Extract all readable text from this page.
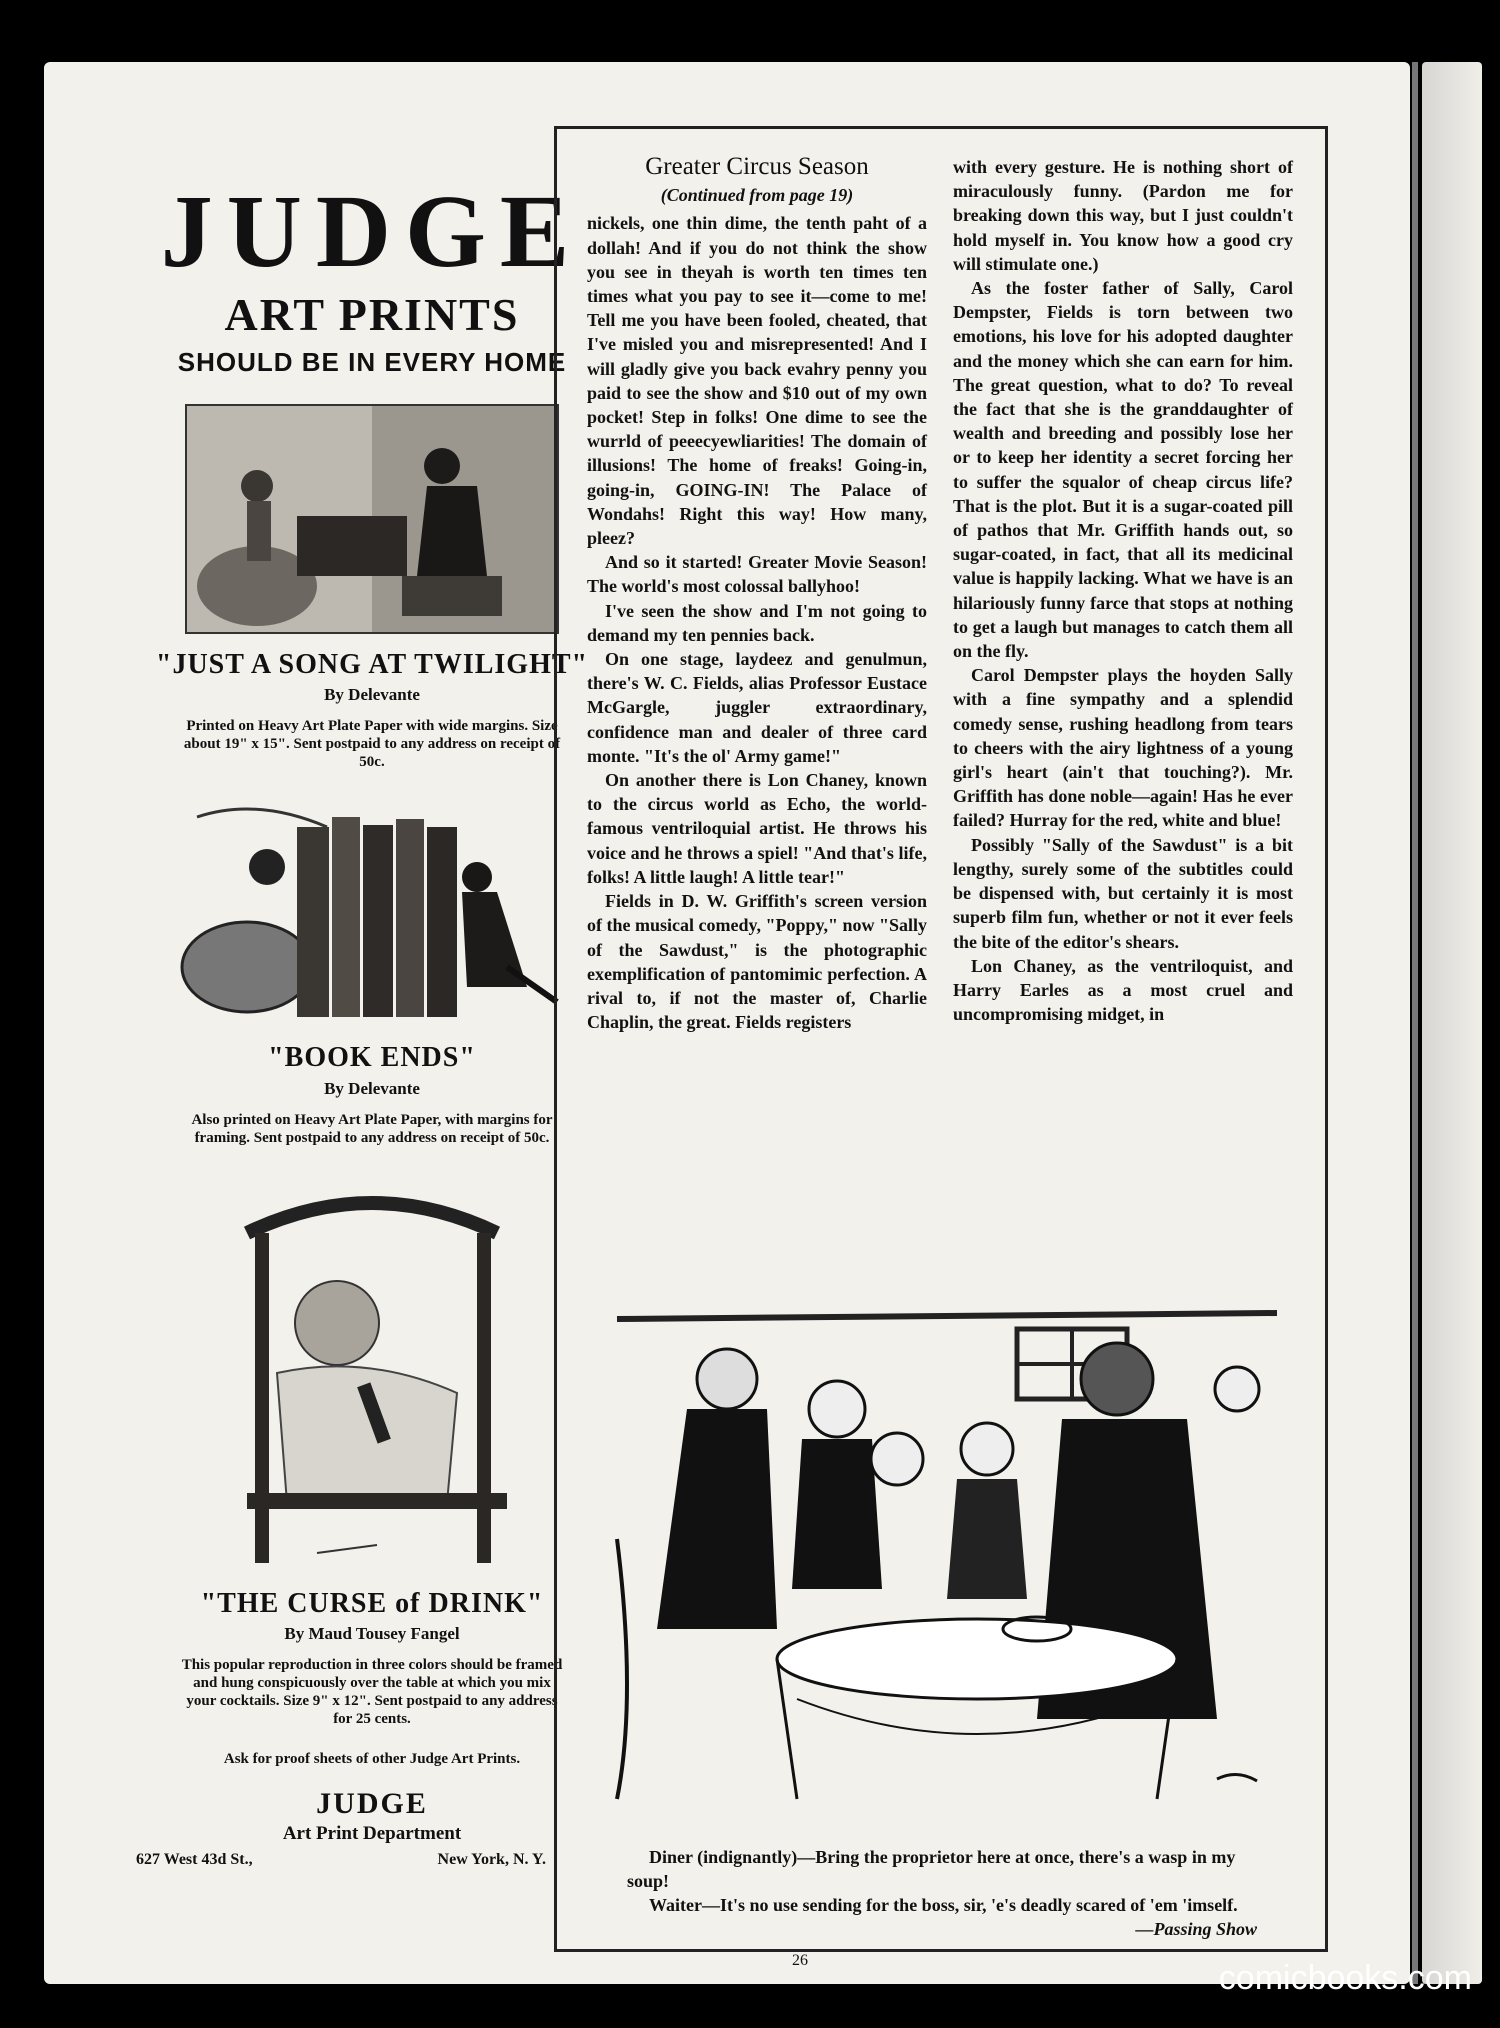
JUDGE
ART PRINTS
SHOULD BE IN EVERY HOME
"JUST A SONG AT TWILIGHT"
By Delevante
Printed on Heavy Art Plate Paper with wide margins. Size about 19" x 15". Sent postpaid to any address on receipt of 50c.
"BOOK ENDS"
By Delevante
Also printed on Heavy Art Plate Paper, with margins for framing. Sent postpaid to any address on receipt of 50c.
"THE CURSE of DRINK"
By Maud Tousey Fangel
This popular reproduction in three colors should be framed and hung conspicuously over the table at which you mix your cocktails. Size 9" x 12". Sent postpaid to any address for 25 cents.
Ask for proof sheets of other Judge Art Prints.
JUDGE
Art Print Department
627 West 43d St.,	New York, N. Y.
Greater Circus Season
(Continued from page 19)

nickels, one thin dime, the tenth paht of a dollah! And if you do not think the show you see in theyah is worth ten times ten times what you pay to see it—come to me! Tell me you have been fooled, cheated, that I've misled you and misrepresented! And I will gladly give you back evahry penny you paid to see the show and $10 out of my own pocket! Step in folks! One dime to see the wurrld of peeecyewliarities! The domain of illusions! The home of freaks! Going-in, going-in, GOING-IN! The Palace of Wondahs! Right this way! How many, pleez?

And so it started! Greater Movie Season! The world's most colossal ballyhoo!

I've seen the show and I'm not going to demand my ten pennies back.

On one stage, laydeez and genulmun, there's W. C. Fields, alias Professor Eustace McGargle, juggler extraordinary, confidence man and dealer of three card monte. "It's the ol' Army game!"

On another there is Lon Chaney, known to the circus world as Echo, the world-famous ventriloquial artist. He throws his voice and he throws a spiel! "And that's life, folks! A little laugh! A little tear!"

Fields in D. W. Griffith's screen version of the musical comedy, "Poppy," now "Sally of the Sawdust," is the photographic exemplification of pantomimic perfection. A rival to, if not the master of, Charlie Chaplin, the great. Fields registers

with every gesture. He is nothing short of miraculously funny. (Pardon me for breaking down this way, but I just couldn't hold myself in. You know how a good cry will stimulate one.)

As the foster father of Sally, Carol Dempster, Fields is torn between two emotions, his love for his adopted daughter and the money which she can earn for him. The great question, what to do? To reveal the fact that she is the granddaughter of wealth and breeding and possibly lose her or to keep her identity a secret forcing her to suffer the squalor of cheap circus life? That is the plot. But it is a sugar-coated pill of pathos that Mr. Griffith hands out, so sugar-coated, in fact, that all its medicinal value is happily lacking. What we have is an hilariously funny farce that stops at nothing to get a laugh but manages to catch them all on the fly.

Carol Dempster plays the hoyden Sally with a fine sympathy and a splendid comedy sense, rushing headlong from tears to cheers with the airy lightness of a young girl's heart (ain't that touching?). Mr. Griffith has done noble—again! Has he ever failed? Hurray for the red, white and blue!

Possibly "Sally of the Sawdust" is a bit lengthy, surely some of the subtitles could be dispensed with, but certainly it is most superb film fun, whether or not it ever feels the bite of the editor's shears.

Lon Chaney, as the ventriloquist, and Harry Earles as a most cruel and uncompromising midget, in

Diner (indignantly)—Bring the proprietor here at once, there's a wasp in my soup!

Waiter—It's no use sending for the boss, sir, 'e's deadly scared of 'em 'imself.

—Passing Show
26	comicbooks.com
